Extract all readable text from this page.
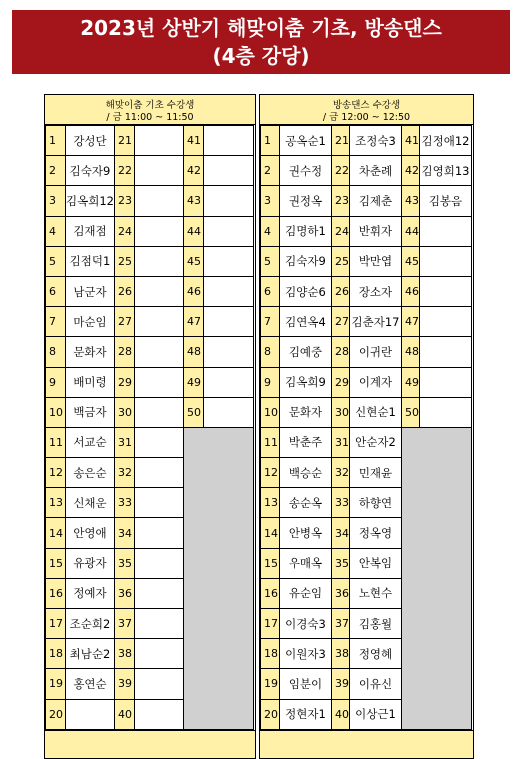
2023년 상반기 해맞이춤 기초, 방송댄스
(4층 강당)
해맞이춤 기초 수강생
/ 금 11:00 ~ 11:50
1	강성단	21		41	
2	김숙자9	22		42	
3	김옥희12	23		43	
4	김재점	24		44	
5	김점덕1	25		45	
6	남군자	26		46	
7	마순임	27		47	
8	문화자	28		48	
9	배미령	29		49	
10	백금자	30		50	
11	서교순	31			
12	송은순	32			
13	신채운	33			
14	안영애	34			
15	유광자	35			
16	정예자	36			
17	조순희2	37			
18	최남순2	38			
19	홍연순	39			
20		40			
방송댄스 수강생
/ 금 12:00 ~ 12:50
1	공옥순1	21	조정숙3	41	김정애12
2	권수정	22	차춘례	42	김영희13
3	권정옥	23	김제춘	43	김봉음
4	김명하1	24	반휘자	44	
5	김숙자9	25	박만엽	45	
6	김양순6	26	장소자	46	
7	김연옥4	27	김춘자17	47	
8	김예중	28	이귀란	48	
9	김옥희9	29	이계자	49	
10	문화자	30	신현순1	50	
11	박춘주	31	안순자2		
12	백승순	32	민재윤		
13	송순옥	33	하향연		
14	안병옥	34	정옥영		
15	우매옥	35	안복임		
16	유순임	36	노현수		
17	이경숙3	37	김홍월		
18	이원자3	38	정영혜		
19	임분이	39	이유신		
20	정현자1	40	이상근1		
